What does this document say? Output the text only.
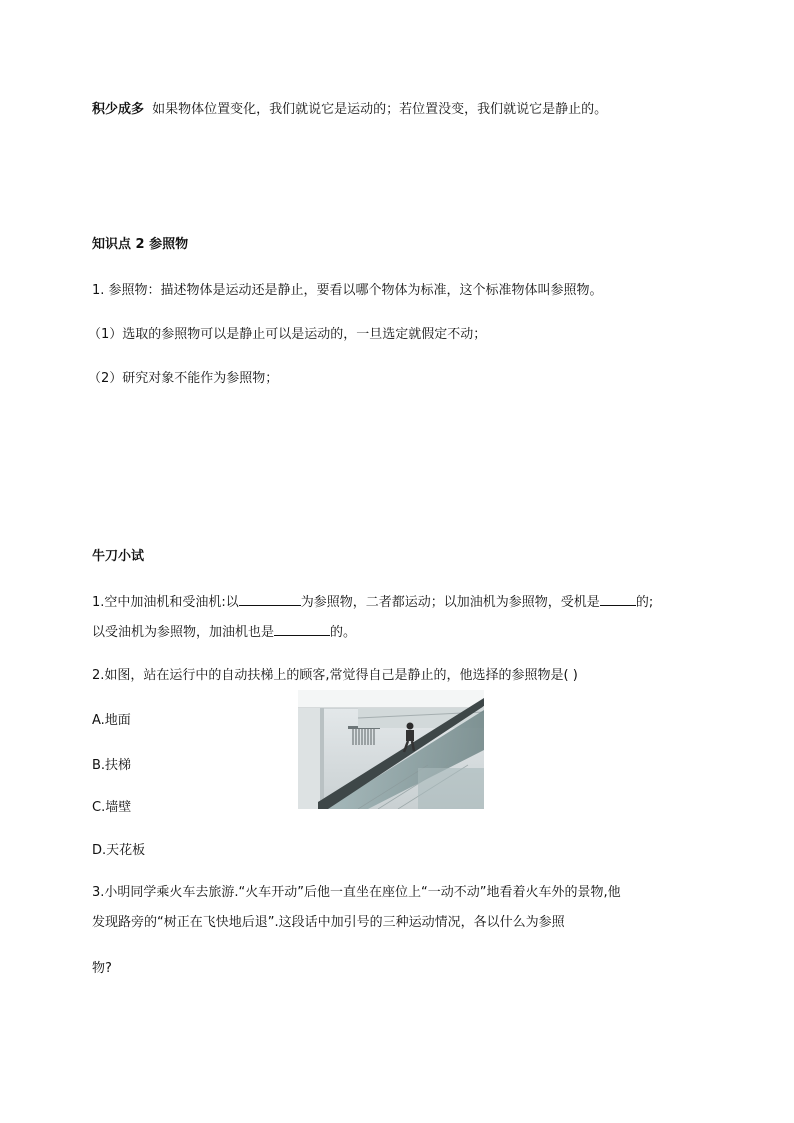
积少成多 如果物体位置变化，我们就说它是运动的；若位置没变，我们就说它是静止的。
知识点 2 参照物
1. 参照物：描述物体是运动还是静止，要看以哪个物体为标准，这个标准物体叫参照物。
（1）选取的参照物可以是静止可以是运动的，一旦选定就假定不动；
（2）研究对象不能作为参照物；
牛刀小试
1.空中加油机和受油机:以	为参照物，二者都运动；以加油机为参照物，受机是	的;
以受油机为参照物，加油机也是	的。
2.如图，站在运行中的自动扶梯上的顾客,常觉得自己是静止的，他选择的参照物是( )
A.地面
B.扶梯
C.墙壁
D.天花板
3.小明同学乘火车去旅游.“火车开动”后他一直坐在座位上“一动不动”地看着火车外的景物,他
发现路旁的“树正在飞快地后退”.这段话中加引号的三种运动情况，各以什么为参照
物?
